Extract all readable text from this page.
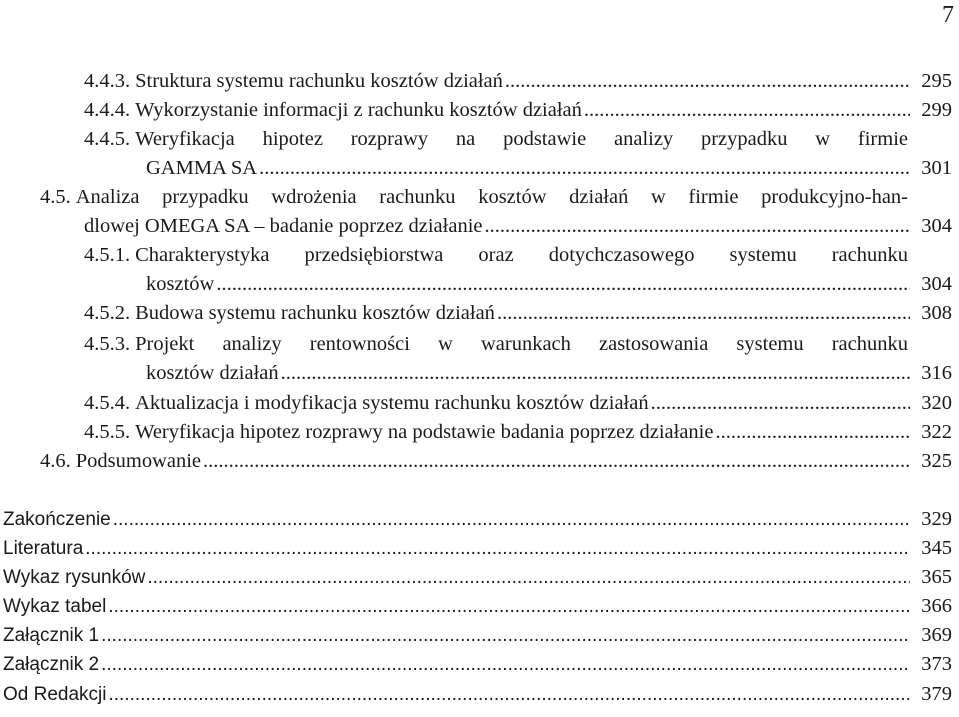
7
4.4.3. Struktura systemu rachunku kosztów działań .....	295
4.4.4. Wykorzystanie informacji z rachunku kosztów działań .....	299
4.4.5. Weryfikacja hipotez rozprawy na podstawie analizy przypadku w firmie
GAMMA SA .....	301
4.5. Analiza przypadku wdrożenia rachunku kosztów działań w firmie produkcyjno-han-
dlowej OMEGA SA – badanie poprzez działanie .....	304
4.5.1. Charakterystyka przedsiębiorstwa oraz dotychczasowego systemu rachunku
kosztów .....	304
4.5.2. Budowa systemu rachunku kosztów działań .....	308
4.5.3. Projekt analizy rentowności w warunkach zastosowania systemu rachunku
kosztów działań .....	316
4.5.4. Aktualizacja i modyfikacja systemu rachunku kosztów działań .....	320
4.5.5. Weryfikacja hipotez rozprawy na podstawie badania poprzez działanie .....	322
4.6. Podsumowanie .....	325
Zakończenie .....	329
Literatura .....	345
Wykaz rysunków .....	365
Wykaz tabel .....	366
Załącznik 1 .....	369
Załącznik 2 .....	373
Od Redakcji .....	379
